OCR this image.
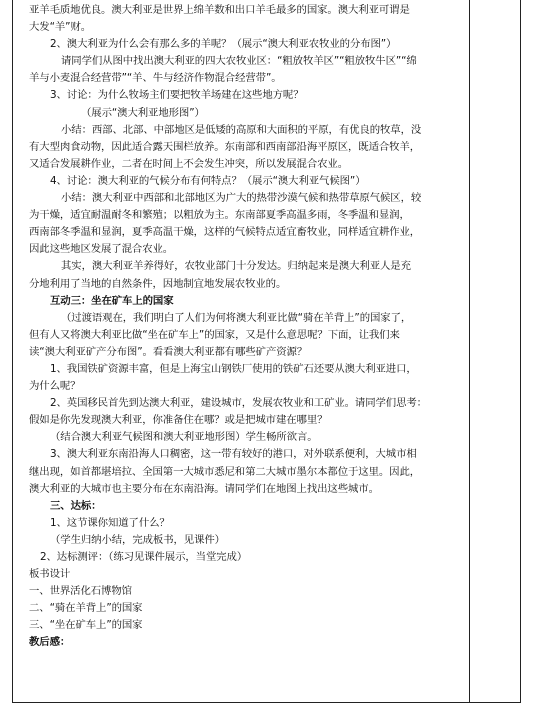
亚羊毛质地优良。澳大利亚是世界上绵羊数和出口羊毛最多的国家。澳大利亚可谓是
大发“羊”财。
2、澳大利亚为什么会有那么多的羊呢？（展示“澳大利亚农牧业的分布图”）
请同学们从图中找出澳大利亚的四大农牧业区：“粗放牧羊区”“粗放牧牛区”“绵
羊与小麦混合经营带”“羊、牛与经济作物混合经营带”。
3、讨论：为什么牧场主们要把牧羊场建在这些地方呢？
（展示“澳大利亚地形图”）
小结：西部、北部、中部地区是低矮的高原和大面积的平原，有优良的牧草，没
有大型肉食动物，因此适合露天围栏放养。东南部和西南部沿海平原区，既适合牧羊，
又适合发展耕作业，二者在时间上不会发生冲突，所以发展混合农业。
4、讨论：澳大利亚的气候分布有何特点？（展示“澳大利亚气候图”）
小结：澳大利亚中西部和北部地区为广大的热带沙漠气候和热带草原气候区，较
为干燥，适宜耐温耐冬和繁殖；以粗放为主。东南部夏季高温多雨，冬季温和显润，
西南部冬季温和显润，夏季高温干燥，这样的气候特点适宜畜牧业，同样适宜耕作业，
因此这些地区发展了混合农业。
其实，澳大利亚羊养得好，农牧业部门十分发达。归纳起来是澳大利亚人是充
分地利用了当地的自然条件，因地制宜地发展农牧业的。
互动三：坐在矿车上的国家
（过渡语观在，我们明白了人们为何将澳大利亚比做“骑在羊背上”的国家了，
但有人又将澳大利亚比做“坐在矿车上”的国家，又是什么意思呢？下面，让我们来
读“澳大利亚矿产分布图”。看看澳大利亚都有哪些矿产资源？
1、我国铁矿资源丰富，但是上海宝山钢铁厂使用的铁矿石还要从澳大利亚进口，
为什么呢？
2、英国移民首先到达澳大利亚，建设城市，发展农牧业和工矿业。请同学们思考：
假如是你先发现澳大利亚，你准备住在哪？或是把城市建在哪里？
（结合澳大利亚气候图和澳大利亚地形图）学生畅所欲言。
3、澳大利亚东南沿海人口稠密，这一带有较好的港口，对外联系便利，大城市相
继出现，如首都堪培拉、全国第一大城市悉尼和第二大城市墨尔本都位于这里。因此，
澳大利亚的大城市也主要分布在东南沿海。请同学们在地图上找出这些城市。
三、达标：
1、这节课你知道了什么？
（学生归纳小结，完成板书，见课件）
2、达标测评：（练习见课件展示，当堂完成）
板书设计
一、世界活化石博物馆
二、“骑在羊背上”的国家
三、“坐在矿车上”的国家
教后感：
